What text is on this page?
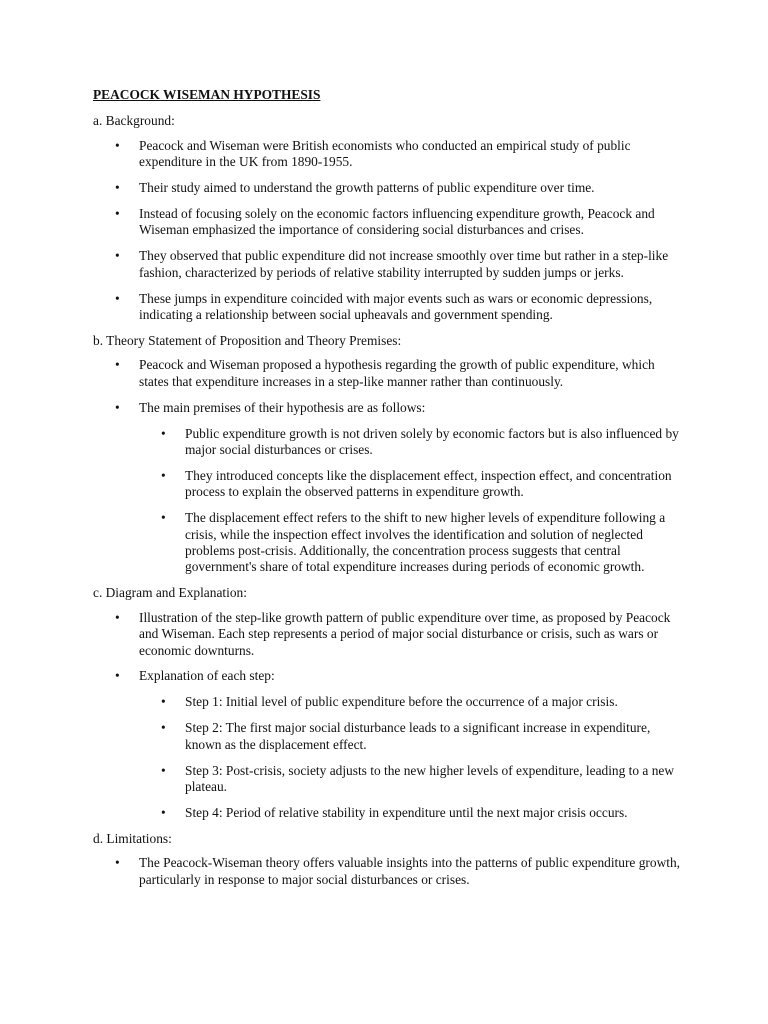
PEACOCK WISEMAN HYPOTHESIS
a. Background:
• Peacock and Wiseman were British economists who conducted an empirical study of public expenditure in the UK from 1890-1955.
• Their study aimed to understand the growth patterns of public expenditure over time.
• Instead of focusing solely on the economic factors influencing expenditure growth, Peacock and Wiseman emphasized the importance of considering social disturbances and crises.
• They observed that public expenditure did not increase smoothly over time but rather in a step-like fashion, characterized by periods of relative stability interrupted by sudden jumps or jerks.
• These jumps in expenditure coincided with major events such as wars or economic depressions, indicating a relationship between social upheavals and government spending.
b. Theory Statement of Proposition and Theory Premises:
• Peacock and Wiseman proposed a hypothesis regarding the growth of public expenditure, which states that expenditure increases in a step-like manner rather than continuously.
• The main premises of their hypothesis are as follows:
• Public expenditure growth is not driven solely by economic factors but is also influenced by major social disturbances or crises.
• They introduced concepts like the displacement effect, inspection effect, and concentration process to explain the observed patterns in expenditure growth.
• The displacement effect refers to the shift to new higher levels of expenditure following a crisis, while the inspection effect involves the identification and solution of neglected problems post-crisis. Additionally, the concentration process suggests that central government's share of total expenditure increases during periods of economic growth.
c. Diagram and Explanation:
• Illustration of the step-like growth pattern of public expenditure over time, as proposed by Peacock and Wiseman. Each step represents a period of major social disturbance or crisis, such as wars or economic downturns.
• Explanation of each step:
• Step 1: Initial level of public expenditure before the occurrence of a major crisis.
• Step 2: The first major social disturbance leads to a significant increase in expenditure, known as the displacement effect.
• Step 3: Post-crisis, society adjusts to the new higher levels of expenditure, leading to a new plateau.
• Step 4: Period of relative stability in expenditure until the next major crisis occurs.
d. Limitations:
• The Peacock-Wiseman theory offers valuable insights into the patterns of public expenditure growth, particularly in response to major social disturbances or crises.
